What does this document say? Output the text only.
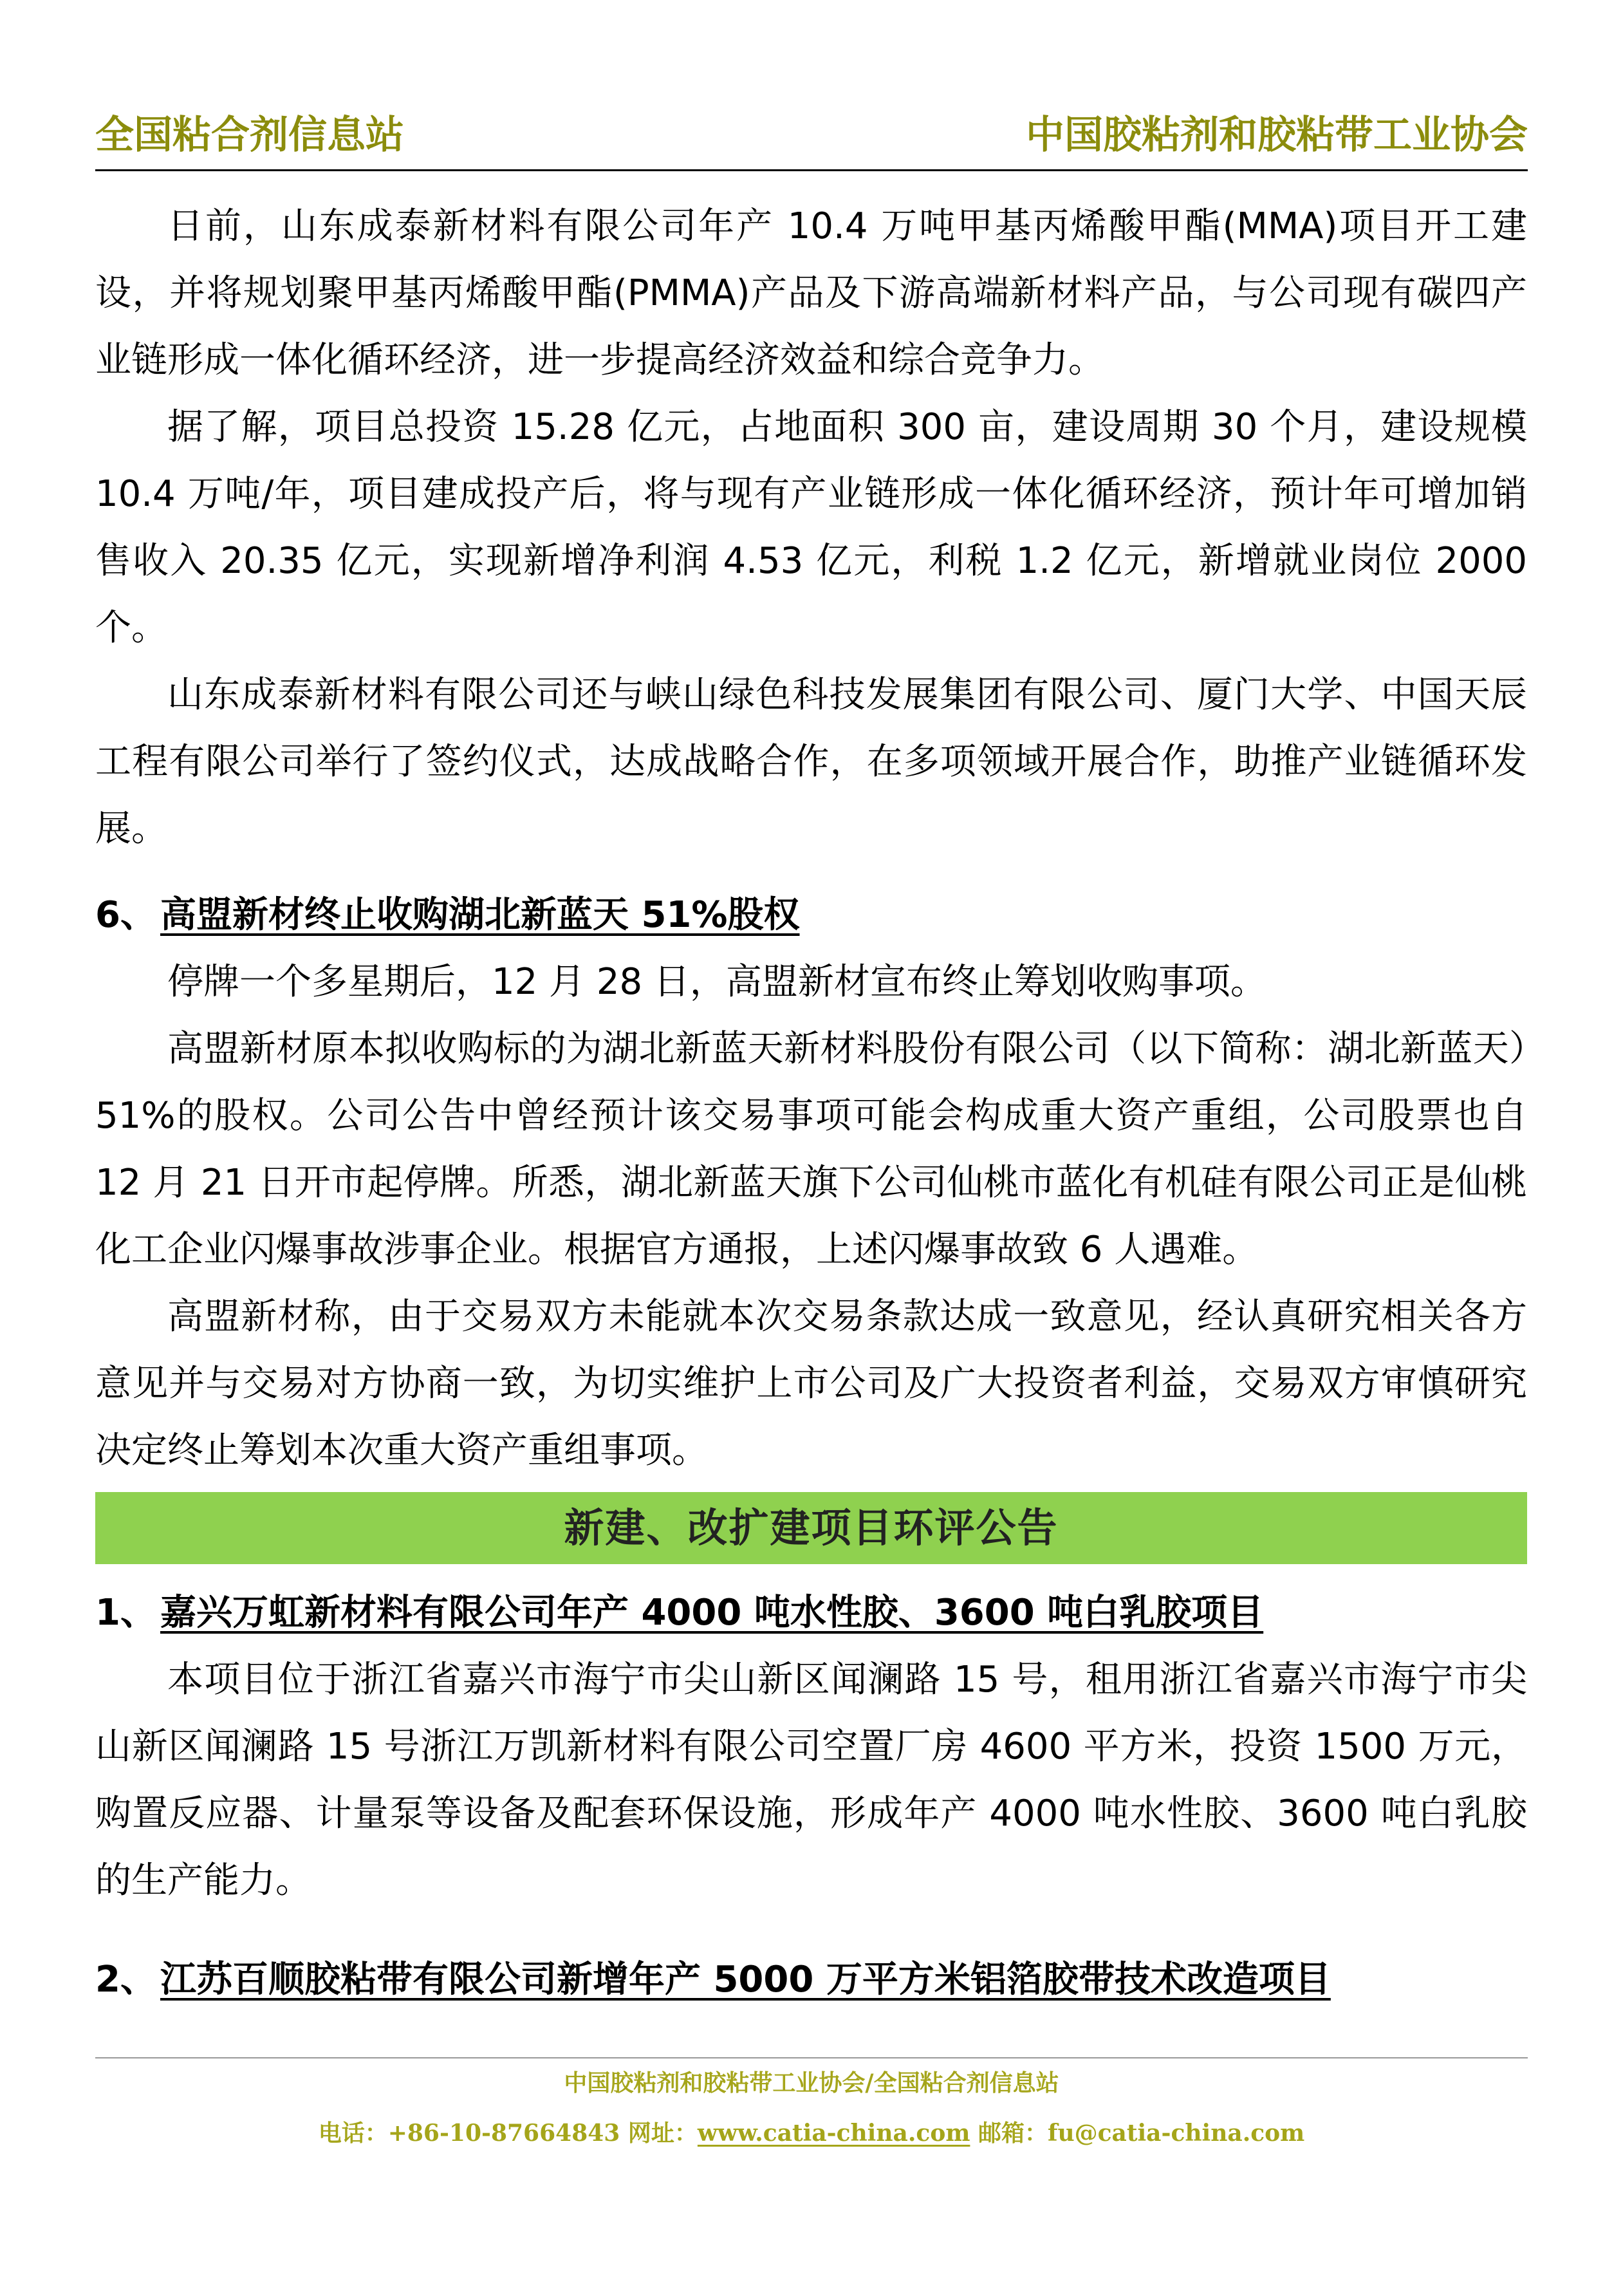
全国粘合剂信息站	中国胶粘剂和胶粘带工业协会

日前，山东成泰新材料有限公司年产 10.4 万吨甲基丙烯酸甲酯(MMA)项目开工建设，并将规划聚甲基丙烯酸甲酯(PMMA)产品及下游高端新材料产品，与公司现有碳四产业链形成一体化循环经济，进一步提高经济效益和综合竞争力。

据了解，项目总投资 15.28 亿元，占地面积 300 亩，建设周期 30 个月，建设规模 10.4 万吨/年，项目建成投产后，将与现有产业链形成一体化循环经济，预计年可增加销售收入 20.35 亿元，实现新增净利润 4.53 亿元，利税 1.2 亿元，新增就业岗位 2000 个。

山东成泰新材料有限公司还与峡山绿色科技发展集团有限公司、厦门大学、中国天辰工程有限公司举行了签约仪式，达成战略合作，在多项领域开展合作，助推产业链循环发展。

6、 高盟新材终止收购湖北新蓝天 51%股权

停牌一个多星期后，12 月 28 日，高盟新材宣布终止筹划收购事项。

高盟新材原本拟收购标的为湖北新蓝天新材料股份有限公司（以下简称：湖北新蓝天）51%的股权。公司公告中曾经预计该交易事项可能会构成重大资产重组，公司股票也自 12 月 21 日开市起停牌。所悉，湖北新蓝天旗下公司仙桃市蓝化有机硅有限公司正是仙桃化工企业闪爆事故涉事企业。根据官方通报，上述闪爆事故致 6 人遇难。

高盟新材称，由于交易双方未能就本次交易条款达成一致意见，经认真研究相关各方意见并与交易对方协商一致，为切实维护上市公司及广大投资者利益，交易双方审慎研究决定终止筹划本次重大资产重组事项。

新建、改扩建项目环评公告
1、 嘉兴万虹新材料有限公司年产 4000 吨水性胶、3600 吨白乳胶项目

本项目位于浙江省嘉兴市海宁市尖山新区闻澜路 15 号，租用浙江省嘉兴市海宁市尖山新区闻澜路 15 号浙江万凯新材料有限公司空置厂房 4600 平方米，投资 1500 万元，购置反应器、计量泵等设备及配套环保设施，形成年产 4000 吨水性胶、3600 吨白乳胶的生产能力。

2、 江苏百顺胶粘带有限公司新增年产 5000 万平方米铝箔胶带技术改造项目
中国胶粘剂和胶粘带工业协会/全国粘合剂信息站
电话：+86-10-87664843 网址：www.catia-china.com 邮箱：fu@catia-china.com
